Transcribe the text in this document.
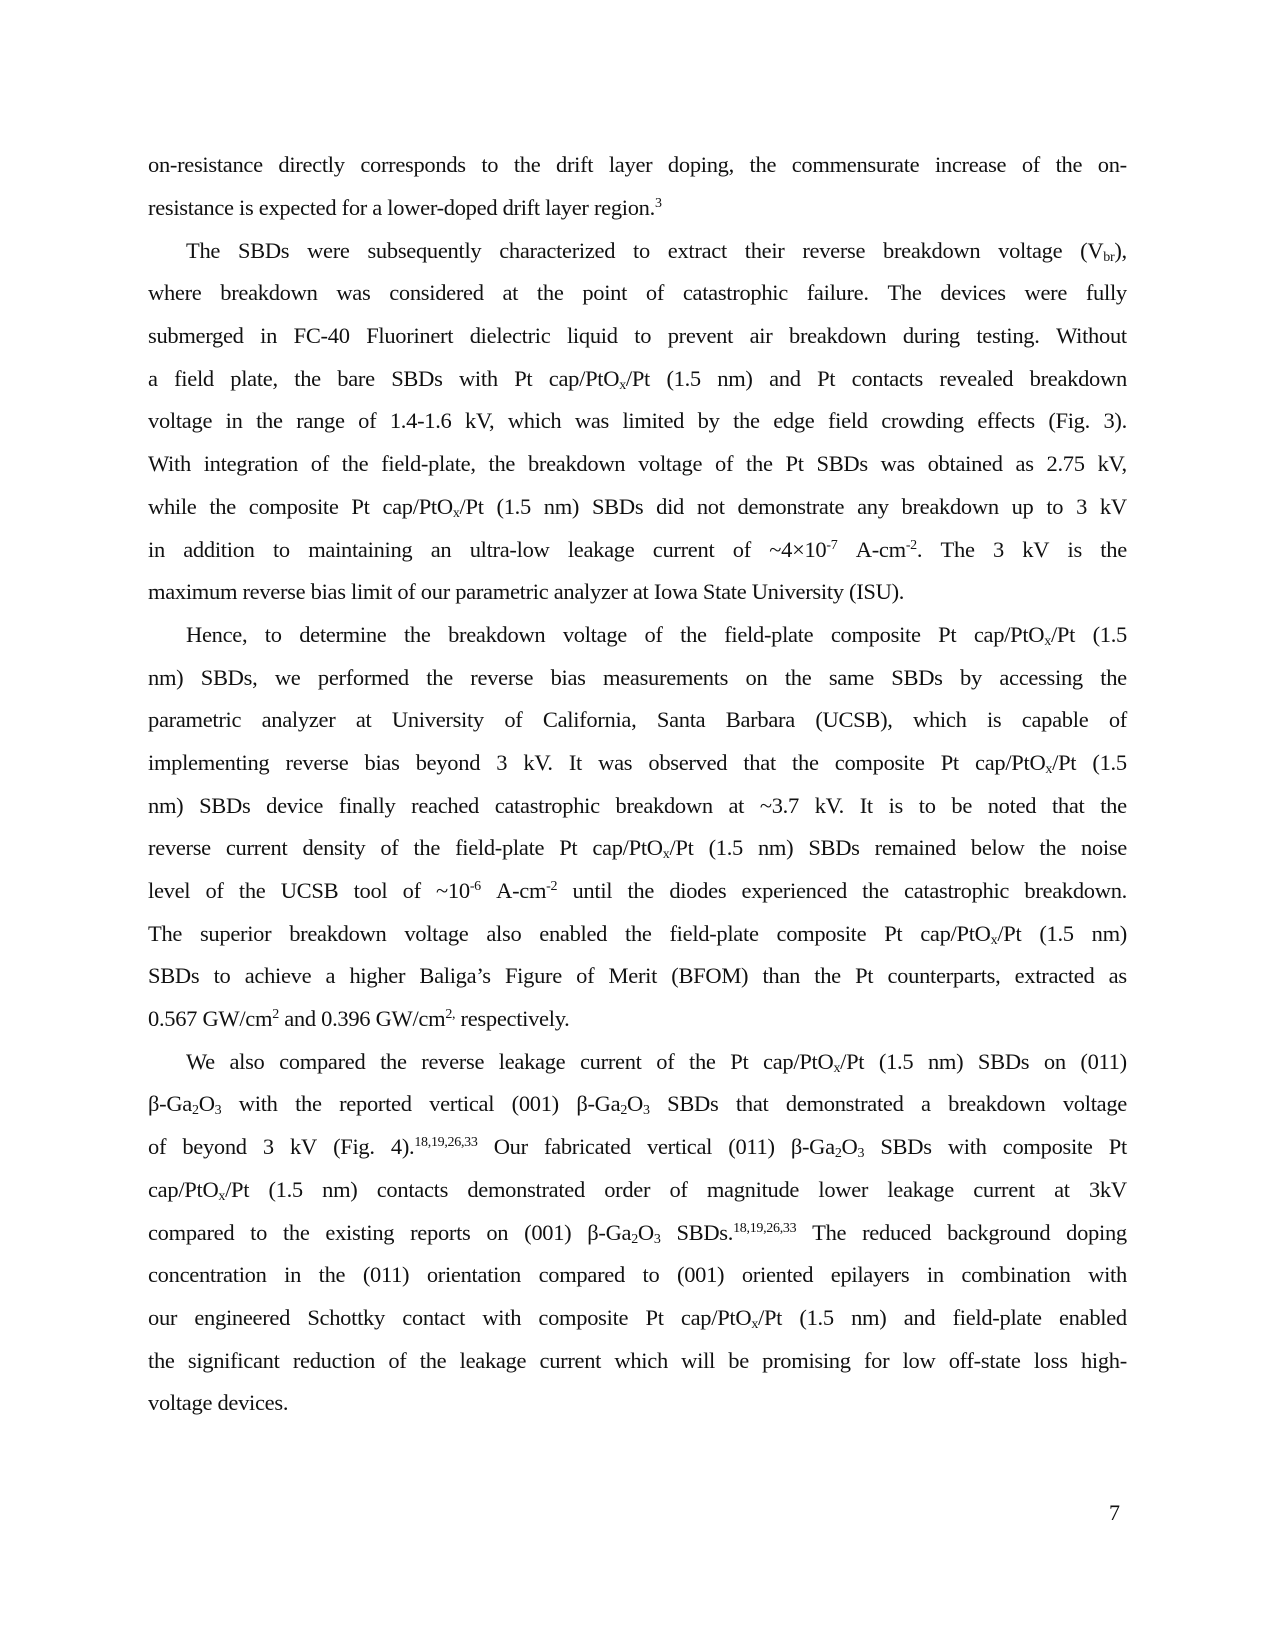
on-resistance directly corresponds to the drift layer doping, the commensurate increase of the on-
resistance is expected for a lower-doped drift layer region.$^3$
The SBDs were subsequently characterized to extract their reverse breakdown voltage $(V_{br})$,
where breakdown was considered at the point of catastrophic failure. The devices were fully
submerged in FC-40 Fluorinert dielectric liquid to prevent air breakdown during testing. Without
a field plate, the bare SBDs with Pt cap/PtO$_x$/Pt (1.5 nm) and Pt contacts revealed breakdown
voltage in the range of 1.4-1.6 kV, which was limited by the edge field crowding effects (Fig. 3).
With integration of the field-plate, the breakdown voltage of the Pt SBDs was obtained as 2.75 kV,
while the composite Pt cap/PtO$_x$/Pt (1.5 nm) SBDs did not demonstrate any breakdown up to 3 kV
in addition to maintaining an ultra-low leakage current of $\sim 4\times 10^{-7}$ $A-cm^{-2}$. The 3 kV is the
maximum reverse bias limit of our parametric analyzer at Iowa State University (ISU).
Hence, to determine the breakdown voltage of the field-plate composite Pt cap/PtO$_x$/Pt (1.5
nm) SBDs, we performed the reverse bias measurements on the same SBDs by accessing the
parametric analyzer at University of California, Santa Barbara (UCSB), which is capable of
implementing reverse bias beyond 3 kV. It was observed that the composite Pt cap/PtO$_x$/Pt (1.5
nm) SBDs device finally reached catastrophic breakdown at ~3.7 kV. It is to be noted that the
reverse current density of the field-plate Pt cap/PtO$_x$/Pt (1.5 nm) SBDs remained below the noise
level of the UCSB tool of $\sim 10^{-6}$ $A-cm^{-2}$ until the diodes experienced the catastrophic breakdown.
The superior breakdown voltage also enabled the field-plate composite Pt cap/PtO$_x$/Pt (1.5 nm)
SBDs to achieve a higher Baliga’s Figure of Merit (BFOM) than the Pt counterparts, extracted as
0.567 $GW/cm^2$ and 0.396 $GW/cm^{2,}$ respectively.
We also compared the reverse leakage current of the Pt cap/PtO$_x$/Pt (1.5 nm) SBDs on (011)
$\beta-Ga_2O_3$ with the reported vertical (001) $\beta-Ga_2O_3$ SBDs that demonstrated a breakdown voltage
of beyond 3 kV (Fig. 4).$^{18,19,26,33}$ Our fabricated vertical (011) $\beta-Ga_2O_3$ SBDs with composite Pt
cap/PtO$_x$/Pt (1.5 nm) contacts demonstrated order of magnitude lower leakage current at 3kV
compared to the existing reports on (001) $\beta-Ga_2O_3$ SBDs.$^{18,19,26,33}$ The reduced background doping
concentration in the (011) orientation compared to (001) oriented epilayers in combination with
our engineered Schottky contact with composite Pt cap/PtO$_x$/Pt (1.5 nm) and field-plate enabled
the significant reduction of the leakage current which will be promising for low off-state loss high-
voltage devices.
7
